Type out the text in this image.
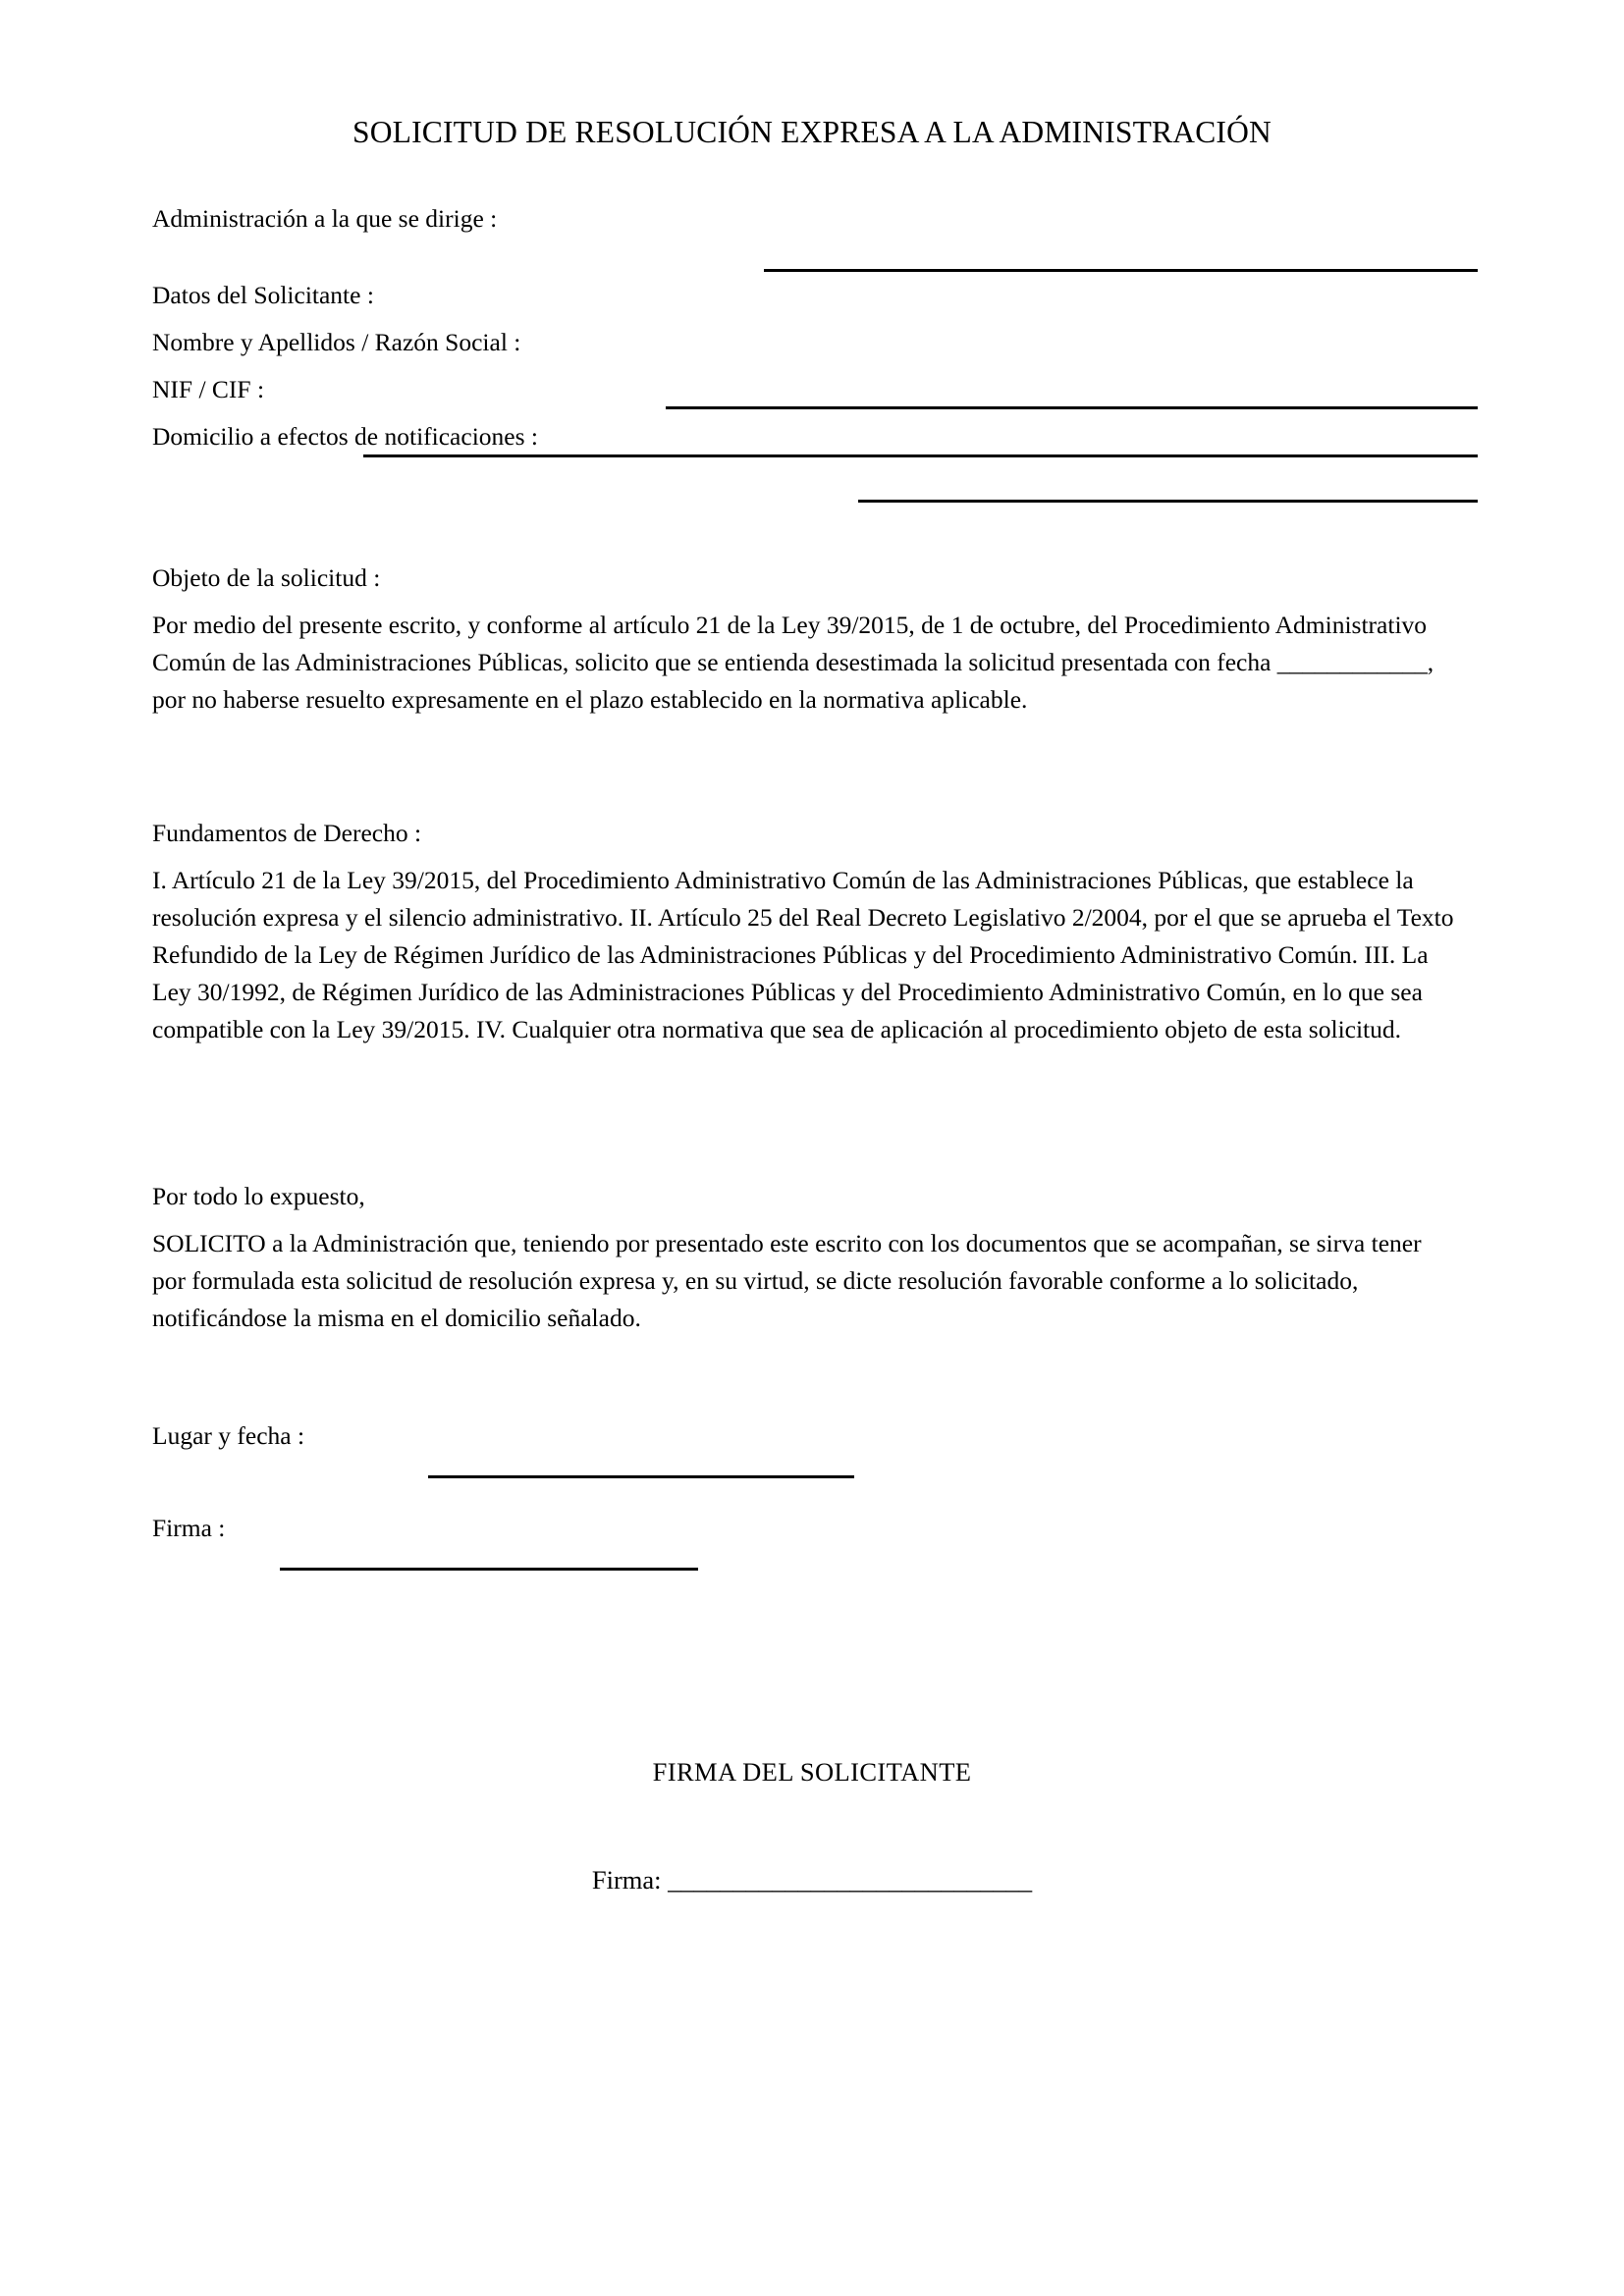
SOLICITUD DE RESOLUCIÓN EXPRESA A LA ADMINISTRACIÓN
Administración a la que se dirige :
Datos del Solicitante :
Nombre y Apellidos / Razón Social :
NIF / CIF :
Domicilio a efectos de notificaciones :
Objeto de la solicitud :

Por medio del presente escrito, y conforme al artículo 21 de la Ley 39/2015, de 1 de octubre, del Procedimiento Administrativo Común de las Administraciones Públicas, solicito que se entienda desestimada la solicitud presentada con fecha ____________, por no haberse resuelto expresamente en el plazo establecido en la normativa aplicable.

Fundamentos de Derecho :

I. Artículo 21 de la Ley 39/2015, del Procedimiento Administrativo Común de las Administraciones Públicas, que establece la resolución expresa y el silencio administrativo. II. Artículo 25 del Real Decreto Legislativo 2/2004, por el que se aprueba el Texto Refundido de la Ley de Régimen Jurídico de las Administraciones Públicas y del Procedimiento Administrativo Común. III. La Ley 30/1992, de Régimen Jurídico de las Administraciones Públicas y del Procedimiento Administrativo Común, en lo que sea compatible con la Ley 39/2015. IV. Cualquier otra normativa que sea de aplicación al procedimiento objeto de esta solicitud.

Por todo lo expuesto,

SOLICITO a la Administración que, teniendo por presentado este escrito con los documentos que se acompañan, se sirva tener por formulada esta solicitud de resolución expresa y, en su virtud, se dicte resolución favorable conforme a lo solicitado, notificándose la misma en el domicilio señalado.

Lugar y fecha :
Firma :
FIRMA DEL SOLICITANTE
Firma: ____________________________
